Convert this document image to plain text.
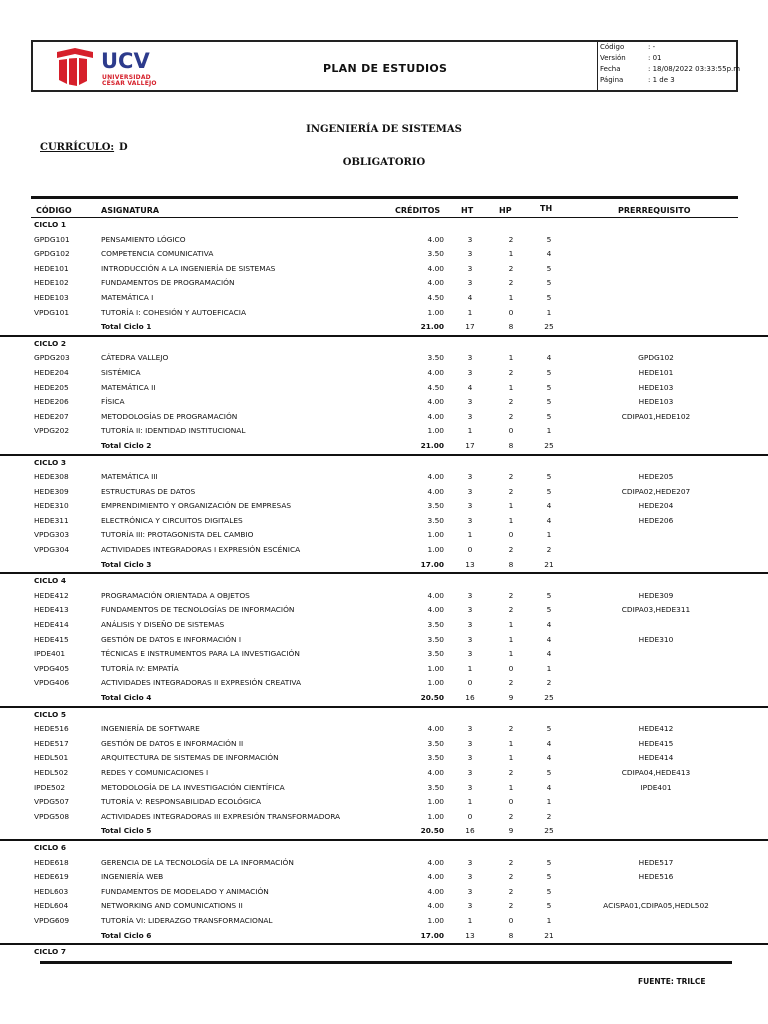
UCV
UNIVERSIDAD
CÉSAR VALLEJO
PLAN DE ESTUDIOS
Código	: -
Versión	: 01
Fecha	: 18/08/2022 03:33:55p.m
Página	: 1 de 3
INGENIERÍA DE SISTEMAS
CURRÍCULO: D
OBLIGATORIO
CÓDIGO	ASIGNATURA	CRÉDITOS	HT	HP	TH	PRERREQUISITO
CICLO 1
GPDG101	PENSAMIENTO LÓGICO	4.00	3	2	5
GPDG102	COMPETENCIA COMUNICATIVA	3.50	3	1	4
HEDE101	INTRODUCCIÓN A LA INGENIERÍA DE SISTEMAS	4.00	3	2	5
HEDE102	FUNDAMENTOS DE PROGRAMACIÓN	4.00	3	2	5
HEDE103	MATEMÁTICA I	4.50	4	1	5
VPDG101	TUTORÍA I: COHESIÓN Y AUTOEFICACIA	1.00	1	0	1
Total Ciclo 1	21.00	17	8	25
CICLO 2
GPDG203	CÁTEDRA VALLEJO	3.50	3	1	4	GPDG102
HEDE204	SISTÉMICA	4.00	3	2	5	HEDE101
HEDE205	MATEMÁTICA II	4.50	4	1	5	HEDE103
HEDE206	FÍSICA	4.00	3	2	5	HEDE103
HEDE207	METODOLOGÍAS DE PROGRAMACIÓN	4.00	3	2	5	CDIPA01,HEDE102
VPDG202	TUTORÍA II: IDENTIDAD INSTITUCIONAL	1.00	1	0	1
Total Ciclo 2	21.00	17	8	25
CICLO 3
HEDE308	MATEMÁTICA III	4.00	3	2	5	HEDE205
HEDE309	ESTRUCTURAS DE DATOS	4.00	3	2	5	CDIPA02,HEDE207
HEDE310	EMPRENDIMIENTO Y ORGANIZACIÓN DE EMPRESAS	3.50	3	1	4	HEDE204
HEDE311	ELECTRÓNICA Y CIRCUITOS DIGITALES	3.50	3	1	4	HEDE206
VPDG303	TUTORÍA III: PROTAGONISTA DEL CAMBIO	1.00	1	0	1
VPDG304	ACTIVIDADES INTEGRADORAS I EXPRESIÓN ESCÉNICA	1.00	0	2	2
Total Ciclo 3	17.00	13	8	21
CICLO 4
HEDE412	PROGRAMACIÓN ORIENTADA A OBJETOS	4.00	3	2	5	HEDE309
HEDE413	FUNDAMENTOS DE TECNOLOGÍAS DE INFORMACIÓN	4.00	3	2	5	CDIPA03,HEDE311
HEDE414	ANÁLISIS Y DISEÑO DE SISTEMAS	3.50	3	1	4
HEDE415	GESTIÓN DE DATOS E INFORMACIÓN I	3.50	3	1	4	HEDE310
IPDE401	TÉCNICAS E INSTRUMENTOS PARA LA INVESTIGACIÓN	3.50	3	1	4
VPDG405	TUTORÍA IV: EMPATÍA	1.00	1	0	1
VPDG406	ACTIVIDADES INTEGRADORAS II EXPRESIÓN CREATIVA	1.00	0	2	2
Total Ciclo 4	20.50	16	9	25
CICLO 5
HEDE516	INGENIERÍA DE SOFTWARE	4.00	3	2	5	HEDE412
HEDE517	GESTIÓN DE DATOS E INFORMACIÓN II	3.50	3	1	4	HEDE415
HEDL501	ARQUITECTURA DE SISTEMAS DE INFORMACIÓN	3.50	3	1	4	HEDE414
HEDL502	REDES Y COMUNICACIONES I	4.00	3	2	5	CDIPA04,HEDE413
IPDE502	METODOLOGÍA DE LA INVESTIGACIÓN CIENTÍFICA	3.50	3	1	4	IPDE401
VPDG507	TUTORÍA V: RESPONSABILIDAD ECOLÓGICA	1.00	1	0	1
VPDG508	ACTIVIDADES INTEGRADORAS III EXPRESIÓN TRANSFORMADORA	1.00	0	2	2
Total Ciclo 5	20.50	16	9	25
CICLO 6
HEDE618	GERENCIA DE LA TECNOLOGÍA DE LA INFORMACIÓN	4.00	3	2	5	HEDE517
HEDE619	INGENIERÍA WEB	4.00	3	2	5	HEDE516
HEDL603	FUNDAMENTOS DE MODELADO Y ANIMACIÓN	4.00	3	2	5
HEDL604	NETWORKING AND COMUNICATIONS II	4.00	3	2	5	ACISPA01,CDIPA05,HEDL502
VPDG609	TUTORÍA VI: LIDERAZGO TRANSFORMACIONAL	1.00	1	0	1
Total Ciclo 6	17.00	13	8	21
CICLO 7
FUENTE: TRILCE
